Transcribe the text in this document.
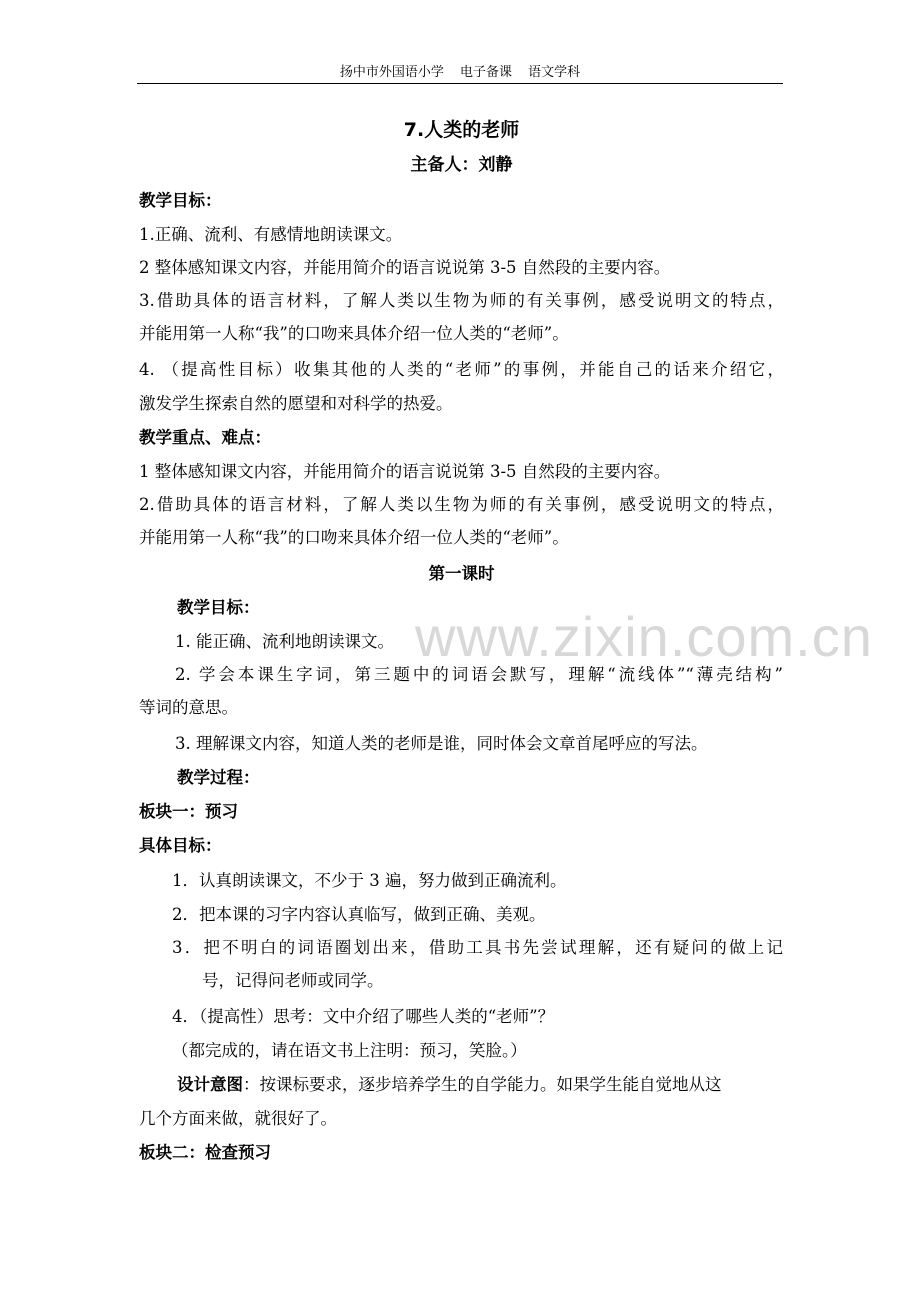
扬中市外国语小学 电子备课 语文学科
7.人类的老师
主备人：刘静
教学目标：
1.正确、流利、有感情地朗读课文。
2 整体感知课文内容，并能用简介的语言说说第 3-5 自然段的主要内容。
3.借助具体的语言材料，了解人类以生物为师的有关事例，感受说明文的特点，
并能用第一人称“我”的口吻来具体介绍一位人类的“老师”。
4. （提高性目标）收集其他的人类的“老师”的事例，并能自己的话来介绍它，
激发学生探索自然的愿望和对科学的热爱。
教学重点、难点：
1 整体感知课文内容，并能用简介的语言说说第 3-5 自然段的主要内容。
2.借助具体的语言材料，了解人类以生物为师的有关事例，感受说明文的特点，
并能用第一人称“我”的口吻来具体介绍一位人类的“老师”。
第一课时
www.zixin.com.cn
教学目标：
1. 能正确、流利地朗读课文。
2. 学会本课生字词，第三题中的词语会默写，理解“流线体”“薄壳结构”
等词的意思。
3. 理解课文内容，知道人类的老师是谁，同时体会文章首尾呼应的写法。
教学过程：
板块一：预习
具体目标：
1．认真朗读课文，不少于 3 遍，努力做到正确流利。
2．把本课的习字内容认真临写，做到正确、美观。
3．把不明白的词语圈划出来，借助工具书先尝试理解，还有疑问的做上记
号，记得问老师或同学。
4．（提高性）思考：文中介绍了哪些人类的“老师”？
（都完成的，请在语文书上注明：预习，笑脸。）
设计意图：按课标要求，逐步培养学生的自学能力。如果学生能自觉地从这
几个方面来做，就很好了。
板块二：检查预习
